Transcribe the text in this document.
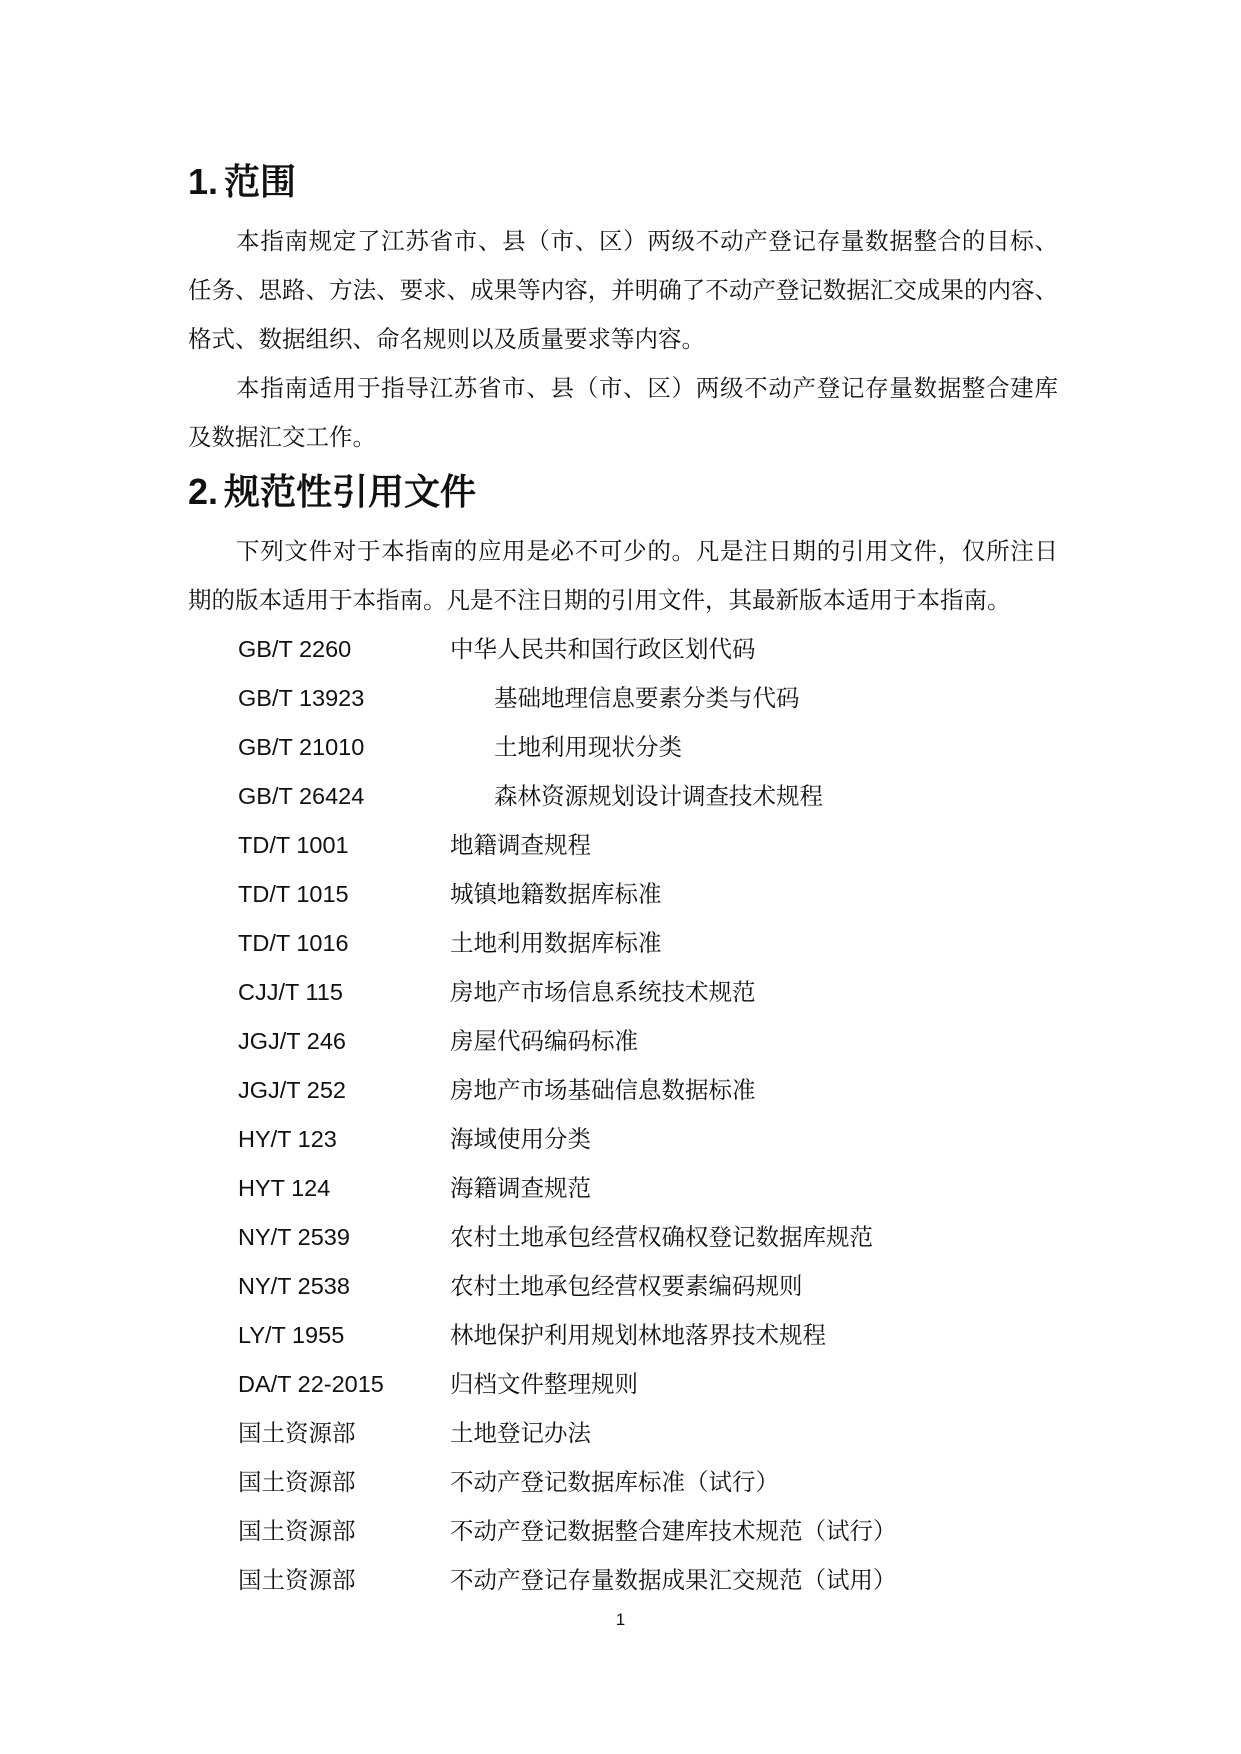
1. 范围

本指南规定了江苏省市、县（市、区）两级不动产登记存量数据整合的目标、任务、思路、方法、要求、成果等内容，并明确了不动产登记数据汇交成果的内容、格式、数据组织、命名规则以及质量要求等内容。

本指南适用于指导江苏省市、县（市、区）两级不动产登记存量数据整合建库及数据汇交工作。

2. 规范性引用文件

下列文件对于本指南的应用是必不可少的。凡是注日期的引用文件，仅所注日期的版本适用于本指南。凡是不注日期的引用文件，其最新版本适用于本指南。

GB/T 2260	中华人民共和国行政区划代码
GB/T 13923	基础地理信息要素分类与代码
GB/T 21010	土地利用现状分类
GB/T 26424	森林资源规划设计调查技术规程
TD/T 1001	地籍调查规程
TD/T 1015	城镇地籍数据库标准
TD/T 1016	土地利用数据库标准
CJJ/T 115	房地产市场信息系统技术规范
JGJ/T 246	房屋代码编码标准
JGJ/T 252	房地产市场基础信息数据标准
HY/T 123	海域使用分类
HYT 124	海籍调查规范
NY/T 2539	农村土地承包经营权确权登记数据库规范
NY/T 2538	农村土地承包经营权要素编码规则
LY/T 1955	林地保护利用规划林地落界技术规程
DA/T 22-2015	归档文件整理规则
国土资源部	土地登记办法
国土资源部	不动产登记数据库标准（试行）
国土资源部	不动产登记数据整合建库技术规范（试行）
国土资源部	不动产登记存量数据成果汇交规范（试用）
1
